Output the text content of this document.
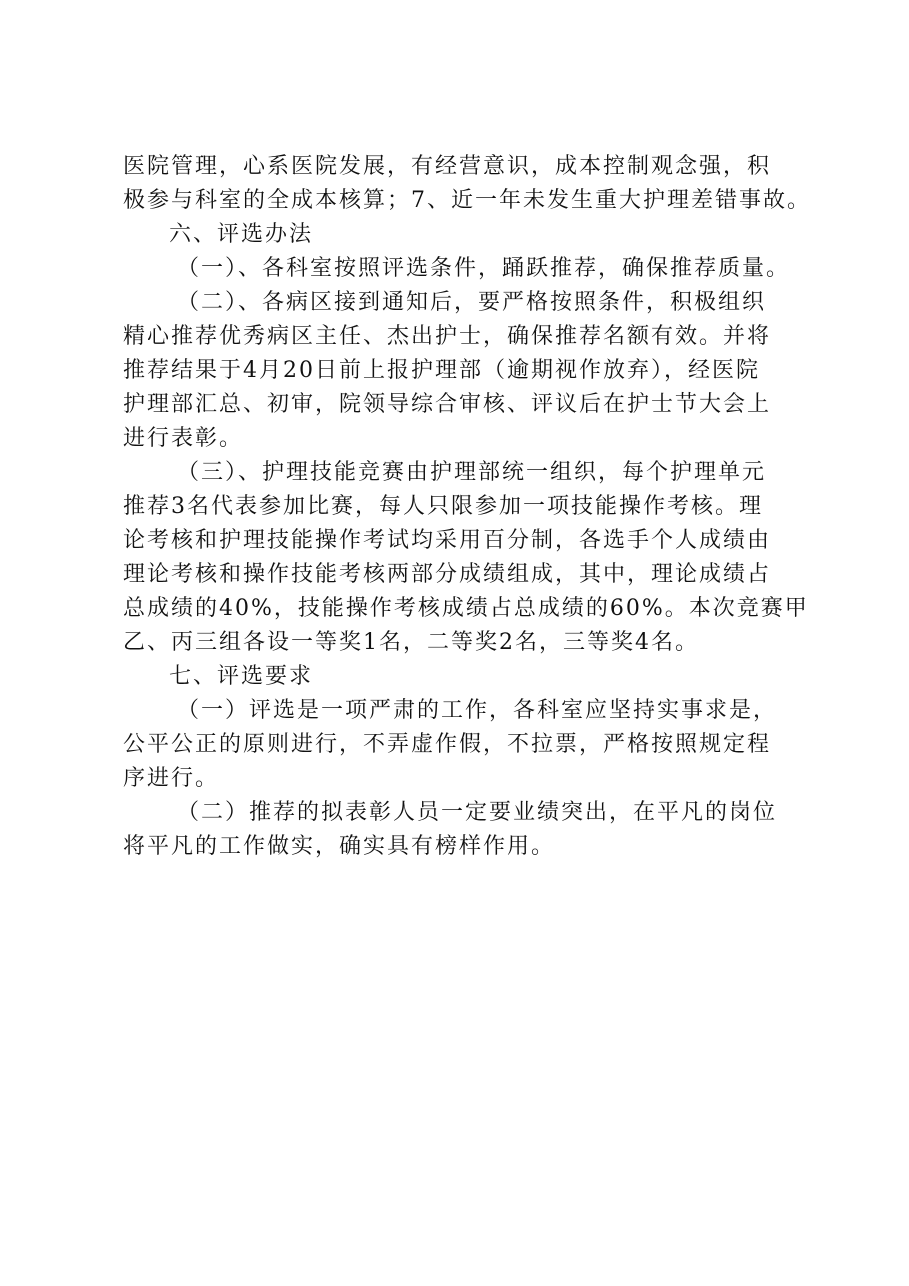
医院管理，心系医院发展，有经营意识，成本控制观念强，积
极参与科室的全成本核算；7、近一年未发生重大护理差错事故。
六、评选办法
（一）、各科室按照评选条件，踊跃推荐，确保推荐质量。
（二）、各病区接到通知后，要严格按照条件，积极组织
精心推荐优秀病区主任、杰出护士，确保推荐名额有效。并将
推荐结果于4月20日前上报护理部（逾期视作放弃），经医院
护理部汇总、初审，院领导综合审核、评议后在护士节大会上
进行表彰。
（三）、护理技能竞赛由护理部统一组织，每个护理单元
推荐3名代表参加比赛，每人只限参加一项技能操作考核。理
论考核和护理技能操作考试均采用百分制，各选手个人成绩由
理论考核和操作技能考核两部分成绩组成，其中，理论成绩占
总成绩的40%，技能操作考核成绩占总成绩的60%。本次竞赛甲
乙、丙三组各设一等奖1名，二等奖2名，三等奖4名。
七、评选要求
（一）评选是一项严肃的工作，各科室应坚持实事求是，
公平公正的原则进行，不弄虚作假，不拉票，严格按照规定程
序进行。
（二）推荐的拟表彰人员一定要业绩突出，在平凡的岗位
将平凡的工作做实，确实具有榜样作用。
